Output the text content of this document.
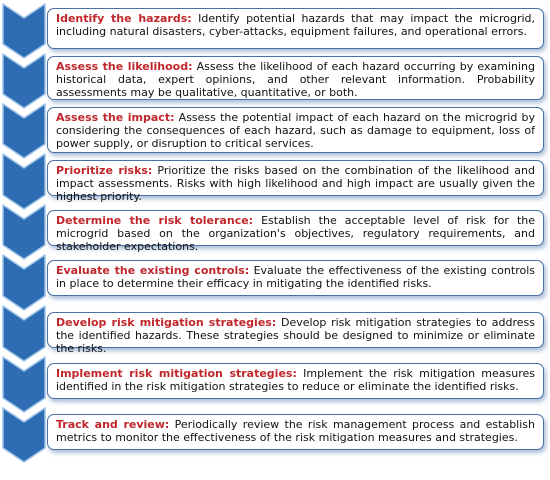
Identify the hazards: Identify potential hazards that may impact the microgrid, including natural disasters, cyber-attacks, equipment failures, and operational errors.
Assess the likelihood: Assess the likelihood of each hazard occurring by examining historical data, expert opinions, and other relevant information. Probability assessments may be qualitative, quantitative, or both.
Assess the impact: Assess the potential impact of each hazard on the microgrid by considering the consequences of each hazard, such as damage to equipment, loss of power supply, or disruption to critical services.
Prioritize risks: Prioritize the risks based on the combination of the likelihood and impact assessments. Risks with high likelihood and high impact are usually given the highest priority.
Determine the risk tolerance: Establish the acceptable level of risk for the microgrid based on the organization's objectives, regulatory requirements, and stakeholder expectations.
Evaluate the existing controls: Evaluate the effectiveness of the existing controls in place to determine their efficacy in mitigating the identified risks.
Develop risk mitigation strategies: Develop risk mitigation strategies to address the identified hazards. These strategies should be designed to minimize or eliminate the risks.
Implement risk mitigation strategies: Implement the risk mitigation measures identified in the risk mitigation strategies to reduce or eliminate the identified risks.
Track and review: Periodically review the risk management process and establish metrics to monitor the effectiveness of the risk mitigation measures and strategies.
